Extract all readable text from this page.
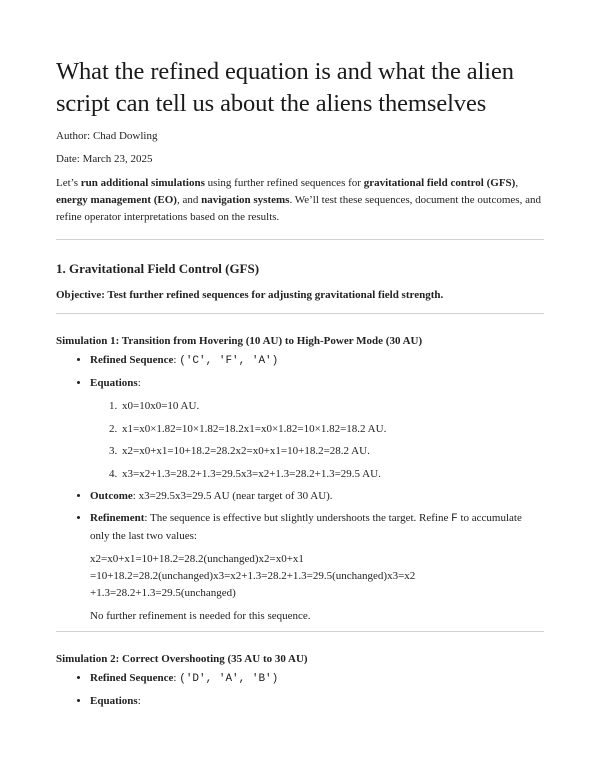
What the refined equation is and what the alien script can tell us about the aliens themselves

Author: Chad Dowling

Date: March 23, 2025

Let’s run additional simulations using further refined sequences for gravitational field control (GFS), energy management (EO), and navigation systems. We’ll test these sequences, document the outcomes, and refine operator interpretations based on the results.

1. Gravitational Field Control (GFS)

Objective: Test further refined sequences for adjusting gravitational field strength.

Simulation 1: Transition from Hovering (10 AU) to High-Power Mode (30 AU)
• Refined Sequence: ('C', 'F', 'A')
• Equations:
1. x0=10x0=10 AU.
2. x1=x0×1.82=10×1.82=18.2x1=x0×1.82=10×1.82=18.2 AU.
3. x2=x0+x1=10+18.2=28.2x2=x0+x1=10+18.2=28.2 AU.
4. x3=x2+1.3=28.2+1.3=29.5x3=x2+1.3=28.2+1.3=29.5 AU.
• Outcome: x3=29.5x3=29.5 AU (near target of 30 AU).
• Refinement: The sequence is effective but slightly undershoots the target. Refine F to accumulate only the last two values:

x2=x0+x1=10+18.2=28.2(unchanged)x2=x0+x1 =10+18.2=28.2(unchanged)x3=x2+1.3=28.2+1.3=29.5(unchanged)x3=x2 +1.3=28.2+1.3=29.5(unchanged)

No further refinement is needed for this sequence.

Simulation 2: Correct Overshooting (35 AU to 30 AU)
• Refined Sequence: ('D', 'A', 'B')
• Equations:
